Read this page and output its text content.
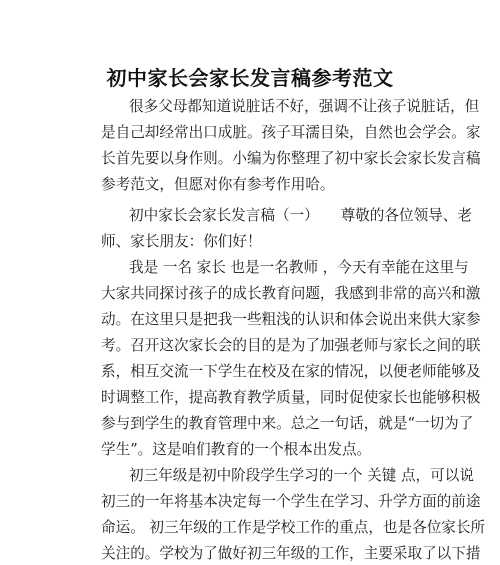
初中家长会家长发言稿参考范文
很多父母都知道说脏话不好，强调不让孩子说脏话，但
是自己却经常出口成脏。孩子耳濡目染，自然也会学会。家
长首先要以身作则。小编为你整理了初中家长会家长发言稿
参考范文，但愿对你有参考作用哈。
初中家长会家长发言稿（一）　　尊敬的各位领导、老
师、家长朋友：你们好！
我是 一名 家长 也是一名教师 ，今天有幸能在这里与
大家共同探讨孩子的成长教育问题，我感到非常的高兴和激
动。在这里只是把我一些粗浅的认识和体会说出来供大家参
考。召开这次家长会的目的是为了加强老师与家长之间的联
系，相互交流一下学生在校及在家的情况，以便老师能够及
时调整工作，提高教育教学质量，同时促使家长也能够积极
参与到学生的教育管理中来。总之一句话，就是“一切为了
学生”。这是咱们教育的一个根本出发点。
初三年级是初中阶段学生学习的一个 关键 点，可以说
初三的一年将基本决定每一个学生在学习、升学方面的前途
命运。 初三年级的工作是学校工作的重点，也是各位家长所
关注的。学校为了做好初三年级的工作，主要采取了以下措
